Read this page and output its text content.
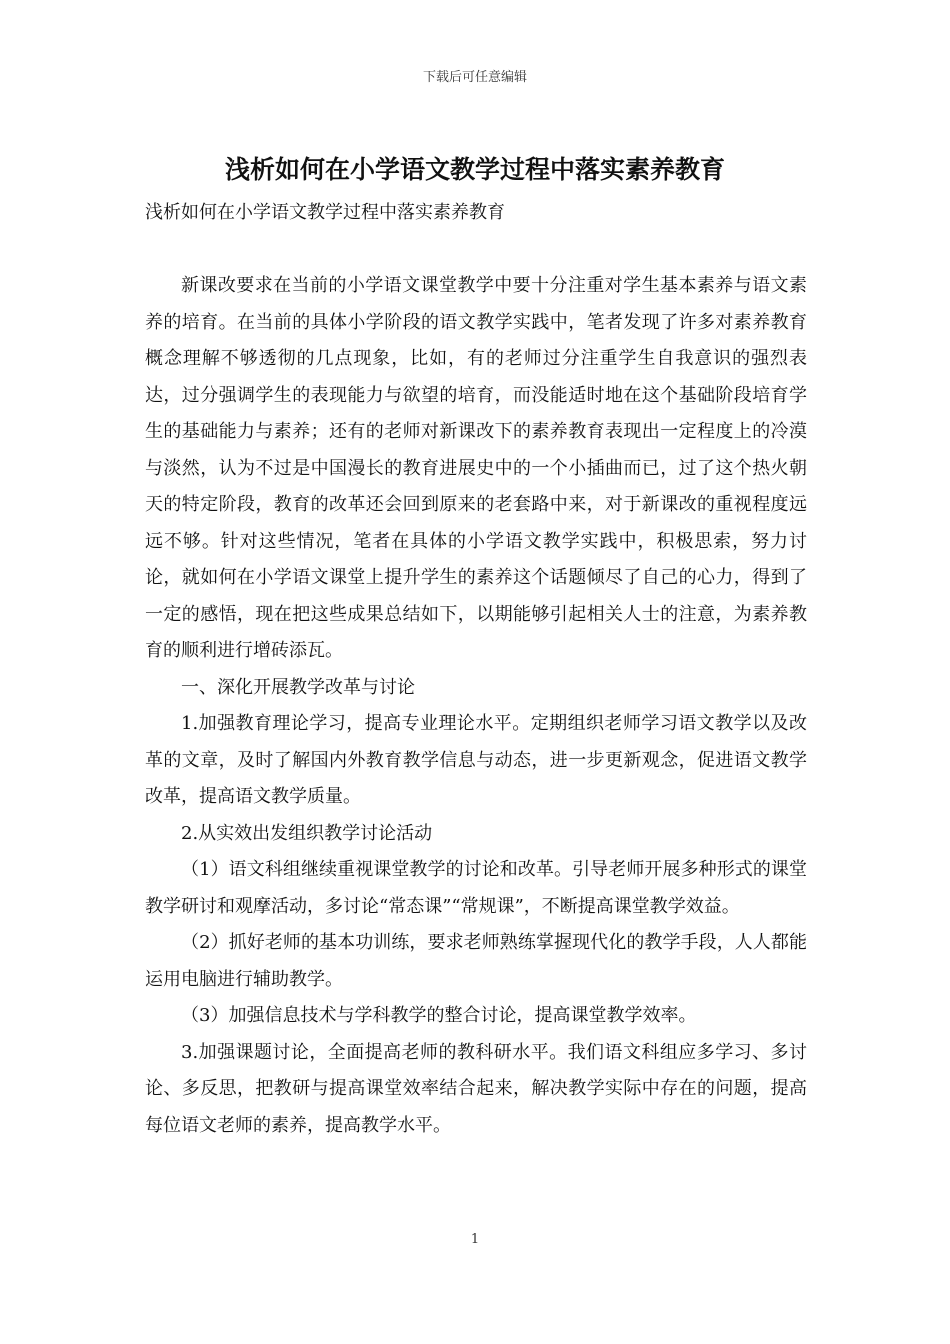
下载后可任意编辑
浅析如何在小学语文教学过程中落实素养教育

浅析如何在小学语文教学过程中落实素养教育

新课改要求在当前的小学语文课堂教学中要十分注重对学生基本素养与语文素养的培育。在当前的具体小学阶段的语文教学实践中，笔者发现了许多对素养教育概念理解不够透彻的几点现象，比如，有的老师过分注重学生自我意识的强烈表达，过分强调学生的表现能力与欲望的培育，而没能适时地在这个基础阶段培育学生的基础能力与素养；还有的老师对新课改下的素养教育表现出一定程度上的冷漠与淡然，认为不过是中国漫长的教育进展史中的一个小插曲而已，过了这个热火朝天的特定阶段，教育的改革还会回到原来的老套路中来，对于新课改的重视程度远远不够。针对这些情况，笔者在具体的小学语文教学实践中，积极思索，努力讨论，就如何在小学语文课堂上提升学生的素养这个话题倾尽了自己的心力，得到了一定的感悟，现在把这些成果总结如下，以期能够引起相关人士的注意，为素养教育的顺利进行增砖添瓦。

一、深化开展教学改革与讨论

1.加强教育理论学习，提高专业理论水平。定期组织老师学习语文教学以及改革的文章，及时了解国内外教育教学信息与动态，进一步更新观念，促进语文教学改革，提高语文教学质量。

2.从实效出发组织教学讨论活动

（1）语文科组继续重视课堂教学的讨论和改革。引导老师开展多种形式的课堂教学研讨和观摩活动，多讨论“常态课”“常规课”，不断提高课堂教学效益。

（2）抓好老师的基本功训练，要求老师熟练掌握现代化的教学手段，人人都能运用电脑进行辅助教学。

（3）加强信息技术与学科教学的整合讨论，提高课堂教学效率。

3.加强课题讨论，全面提高老师的教科研水平。我们语文科组应多学习、多讨论、多反思，把教研与提高课堂效率结合起来，解决教学实际中存在的问题，提高每位语文老师的素养，提高教学水平。

1
